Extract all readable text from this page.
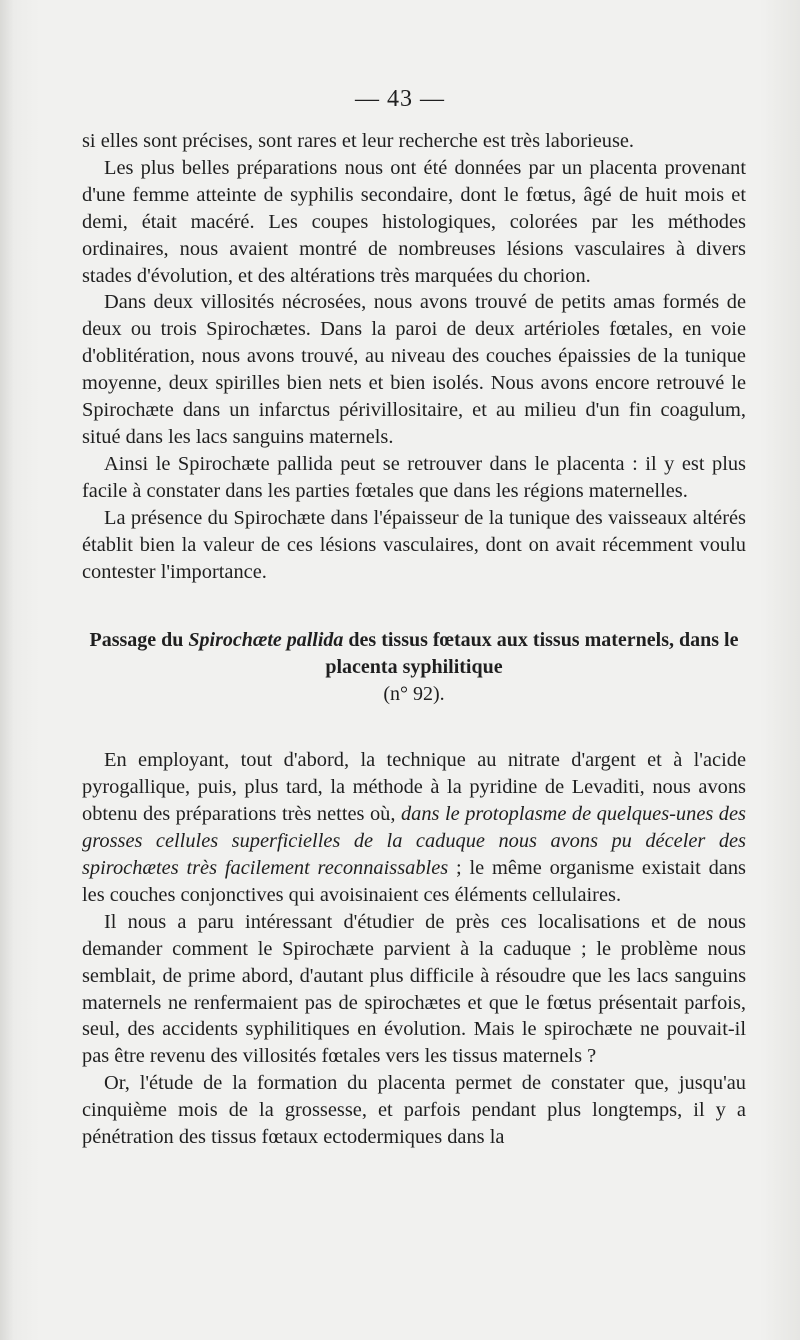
— 43 —

si elles sont précises, sont rares et leur recherche est très laborieuse.

Les plus belles préparations nous ont été données par un placenta provenant d'une femme atteinte de syphilis secondaire, dont le fœtus, âgé de huit mois et demi, était macéré. Les coupes histologiques, colorées par les méthodes ordinaires, nous avaient montré de nombreuses lésions vasculaires à divers stades d'évolution, et des altérations très marquées du chorion.

Dans deux villosités nécrosées, nous avons trouvé de petits amas formés de deux ou trois Spirochætes. Dans la paroi de deux artérioles fœtales, en voie d'oblitération, nous avons trouvé, au niveau des couches épaissies de la tunique moyenne, deux spirilles bien nets et bien isolés. Nous avons encore retrouvé le Spirochæte dans un infarctus périvillositaire, et au milieu d'un fin coagulum, situé dans les lacs sanguins maternels.

Ainsi le Spirochæte pallida peut se retrouver dans le placenta : il y est plus facile à constater dans les parties fœtales que dans les régions maternelles.

La présence du Spirochæte dans l'épaisseur de la tunique des vaisseaux altérés établit bien la valeur de ces lésions vasculaires, dont on avait récemment voulu contester l'importance.

Passage du Spirochæte pallida des tissus fœtaux aux tissus maternels, dans le placenta syphilitique
(n° 92).

En employant, tout d'abord, la technique au nitrate d'argent et à l'acide pyrogallique, puis, plus tard, la méthode à la pyridine de Levaditi, nous avons obtenu des préparations très nettes où, dans le protoplasme de quelques-unes des grosses cellules superficielles de la caduque nous avons pu déceler des spirochætes très facilement reconnaissables ; le même organisme existait dans les couches conjonctives qui avoisinaient ces éléments cellulaires.

Il nous a paru intéressant d'étudier de près ces localisations et de nous demander comment le Spirochæte parvient à la caduque ; le problème nous semblait, de prime abord, d'autant plus difficile à résoudre que les lacs sanguins maternels ne renfermaient pas de spirochætes et que le fœtus présentait parfois, seul, des accidents syphilitiques en évolution. Mais le spirochæte ne pouvait-il pas être revenu des villosités fœtales vers les tissus maternels ?

Or, l'étude de la formation du placenta permet de constater que, jusqu'au cinquième mois de la grossesse, et parfois pendant plus longtemps, il y a pénétration des tissus fœtaux ectodermiques dans la
